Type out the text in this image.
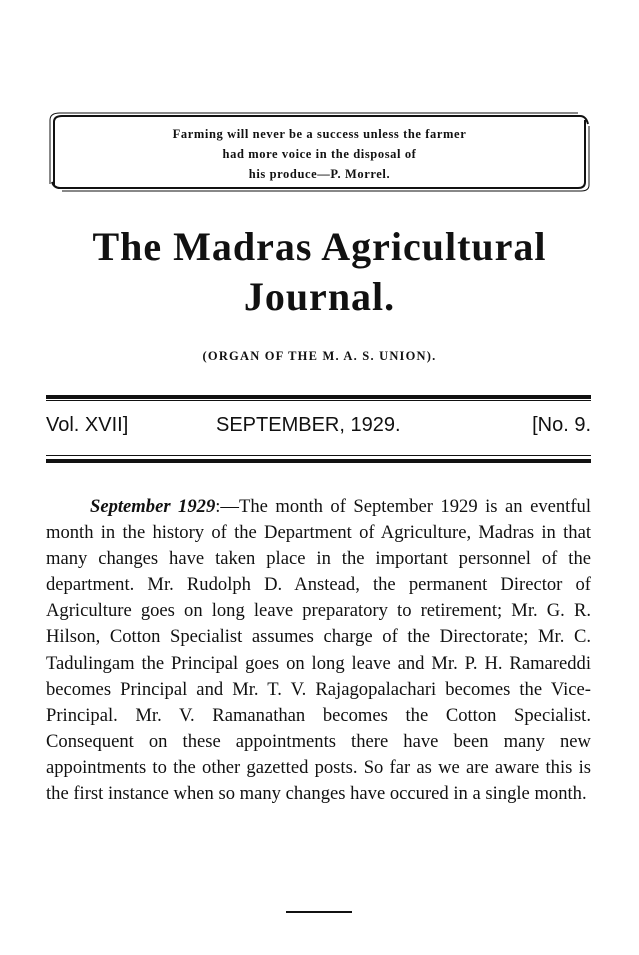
Farming will never be a success unless the farmer
had more voice in the disposal of
his produce—P. Morrel.
The Madras Agricultural
Journal.
(ORGAN OF THE M. A. S. UNION).
Vol. XVII]	SEPTEMBER, 1929.	[No. 9.

September 1929:—The month of September 1929 is an eventful month in the history of the Department of Agriculture, Madras in that many changes have taken place in the important personnel of the department. Mr. Rudolph D. Anstead, the permanent Director of Agriculture goes on long leave preparatory to retirement; Mr. G. R. Hilson, Cotton Specialist assumes charge of the Directorate; Mr. C. Tadulingam the Principal goes on long leave and Mr. P. H. Ramareddi becomes Principal and Mr. T. V. Rajagopalachari becomes the Vice-Principal. Mr. V. Ramanathan becomes the Cotton Specialist. Consequent on these appointments there have been many new appointments to the other gazetted posts. So far as we are aware this is the first instance when so many changes have occured in a single month.
